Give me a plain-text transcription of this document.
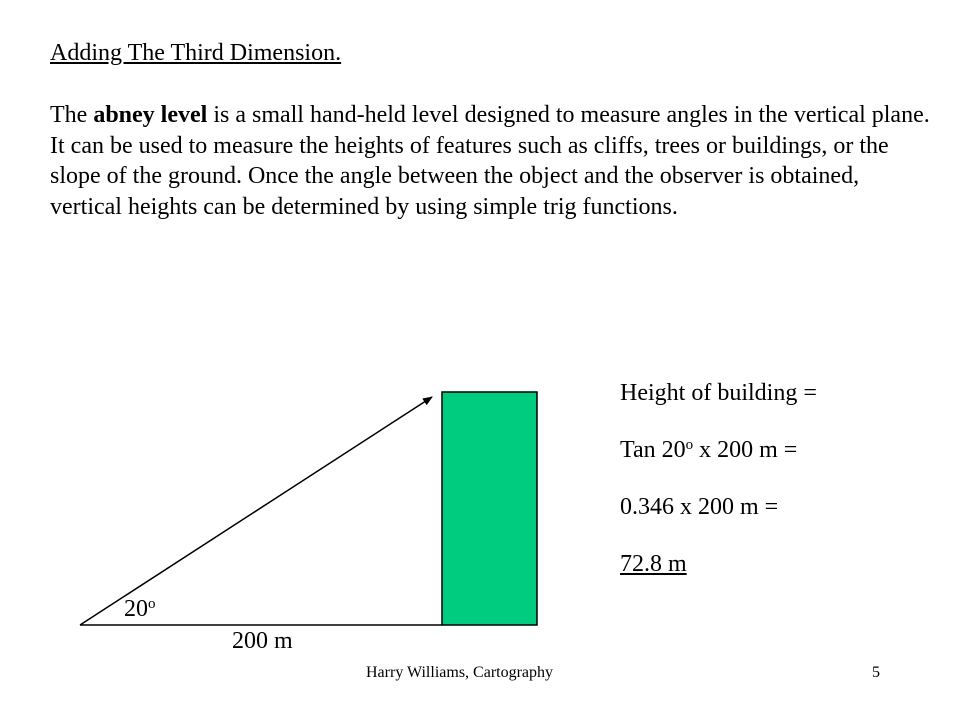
Adding The Third Dimension.
The abney level is a small hand-held level designed to measure angles in the vertical plane. It can be used to measure the heights of features such as cliffs, trees or buildings, or the slope of the ground. Once the angle between the object and the observer is obtained, vertical heights can be determined by using simple trig functions.
Height of building =
Tan 20$^o$ x 200 m =
0.346 x 200 m =
72.8 m
20$^o$
200 m
Harry Williams, Cartography	5
